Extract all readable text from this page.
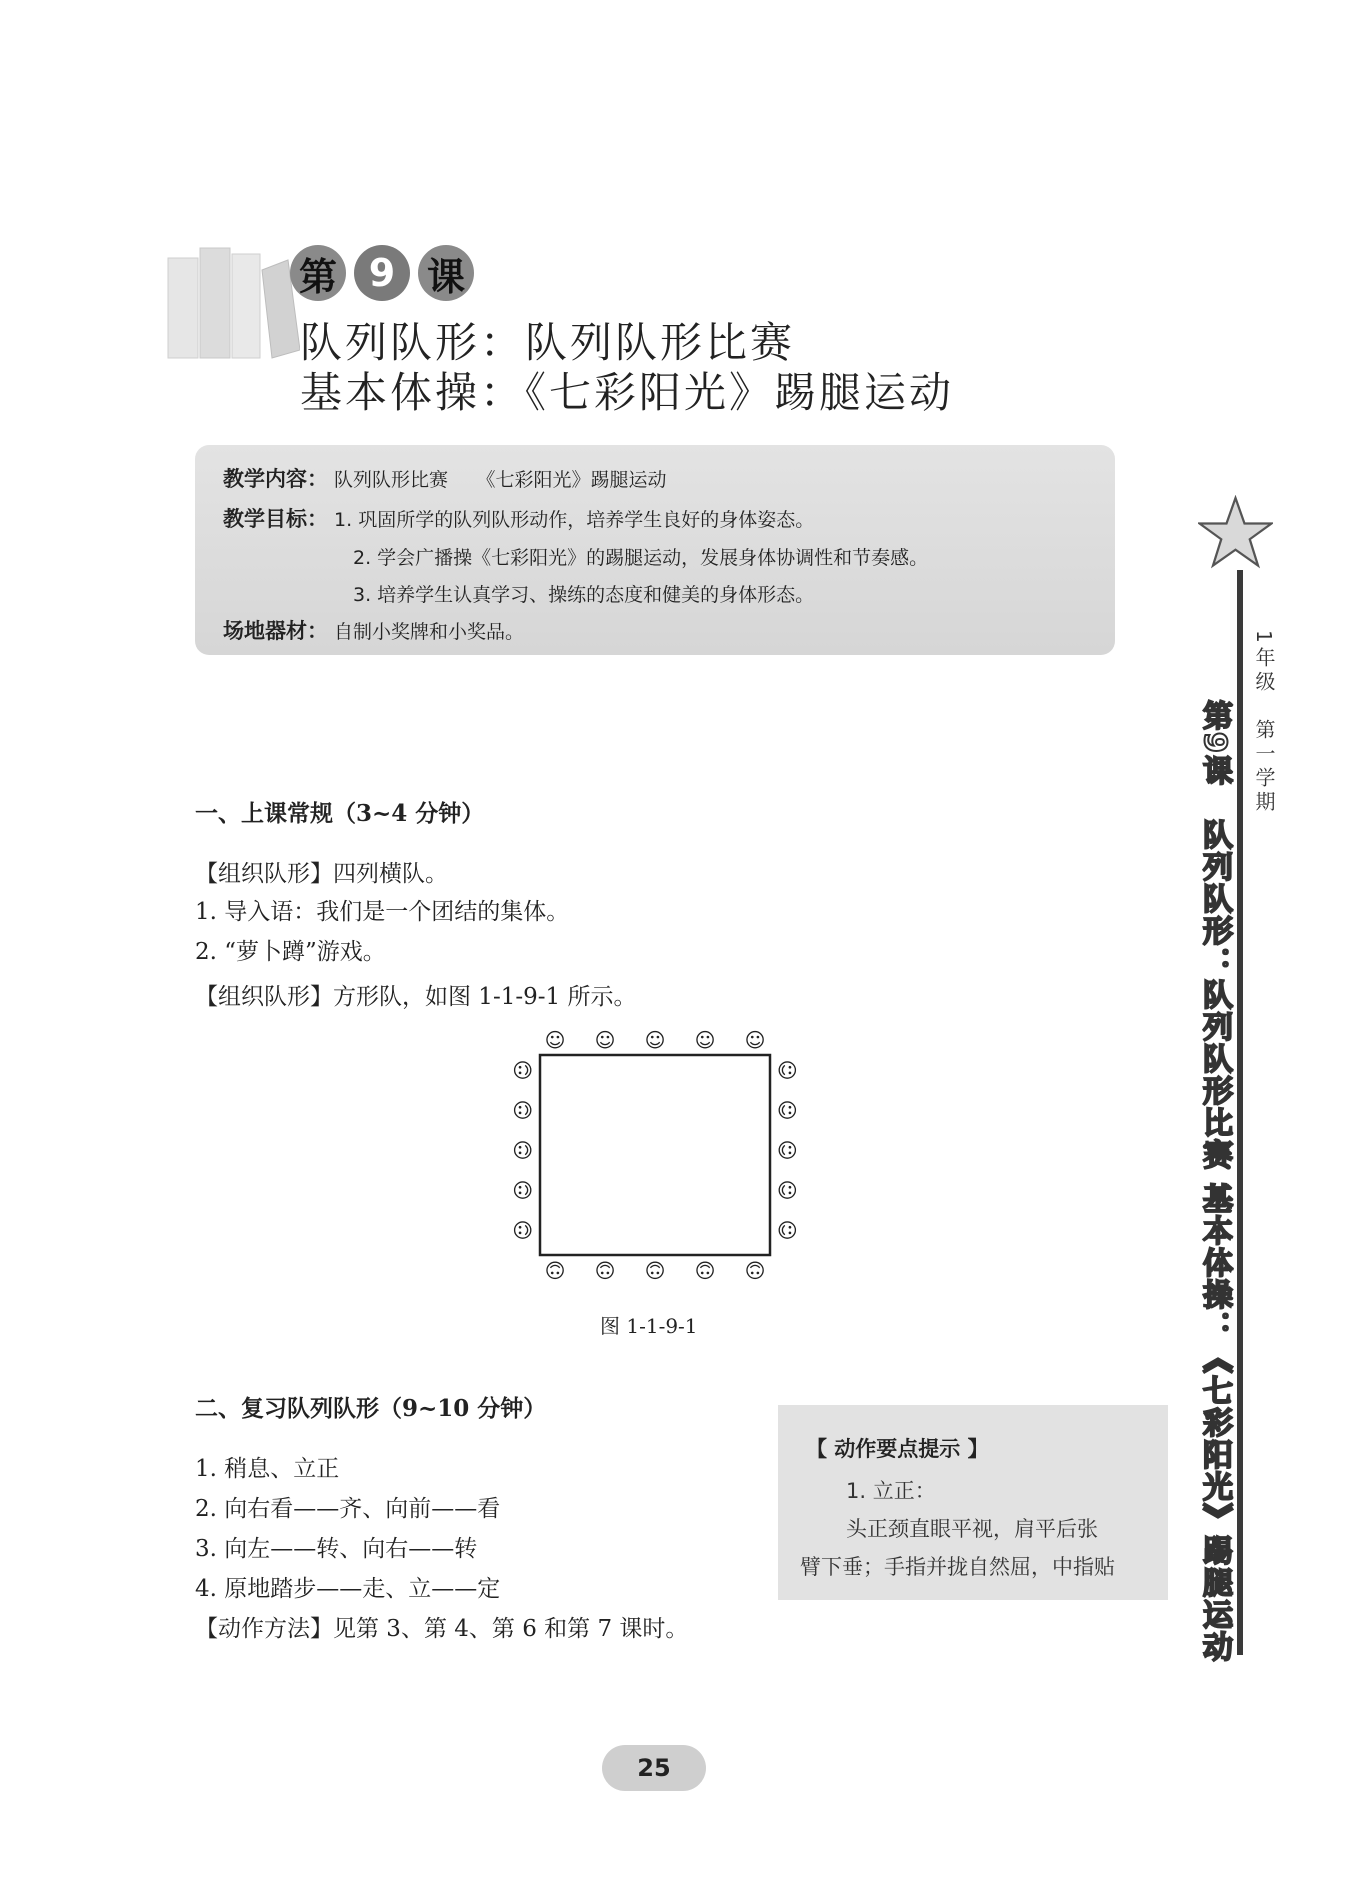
第 9 课
队列队形：队列队形比赛
基本体操：《七彩阳光》踢腿运动
教学内容： 队列队形比赛　　《七彩阳光》踢腿运动
教学目标： 1. 巩固所学的队列队形动作，培养学生良好的身体姿态。
2. 学会广播操《七彩阳光》的踢腿运动，发展身体协调性和节奏感。
3. 培养学生认真学习、操练的态度和健美的身体形态。
场地器材： 自制小奖牌和小奖品。
一、上课常规（3~4 分钟）
【组织队形】四列横队。
1. 导入语：我们是一个团结的集体。
2. “萝卜蹲”游戏。
【组织队形】方形队，如图 1-1-9-1 所示。
☺ ☺ ☺ ☺ ☺
☺ ☺ ☺ ☺ ☺
☺
☺
☺
☺
☺
☺
☺
☺
☺
☺
图 1-1-9-1
二、复习队列队形（9~10 分钟）
1. 稍息、立正
2. 向右看——齐、向前——看
3. 向左——转、向右——转
4. 原地踏步——走、立——定
【动作方法】见第 3、第 4、第 6 和第 7 课时。
【 动作要点提示 】
1. 立正：
头正颈直眼平视，肩平后张
臂下垂；手指并拢自然屈，中指贴
1年级　第一学期
第9课　队列队形：队列队形比赛 基本体操：《七彩阳光》踢腿运动
25
